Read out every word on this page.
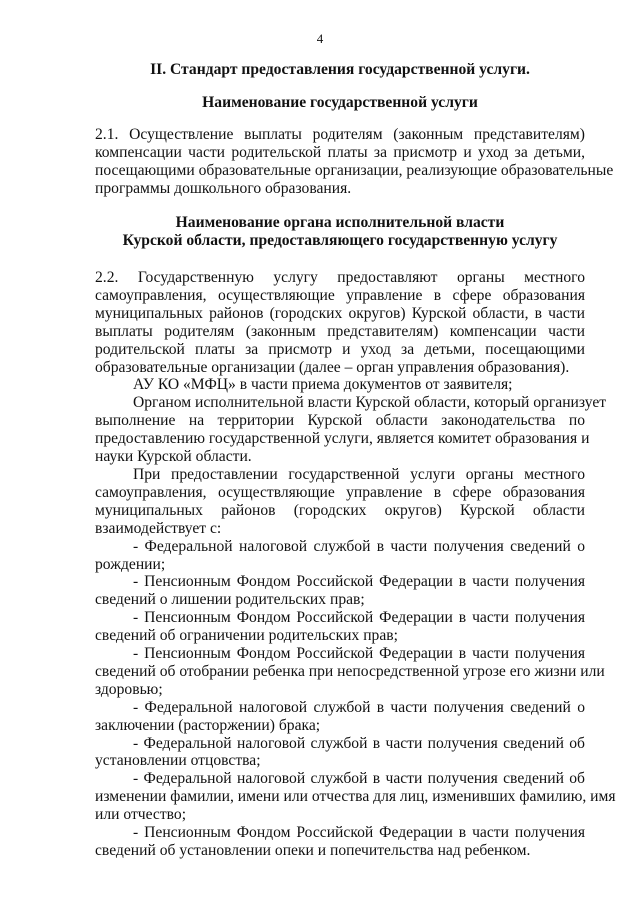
4
II. Стандарт предоставления государственной услуги.
Наименование государственной услуги
2.1. Осуществление выплаты родителям (законным представителям)
компенсации части родительской платы за присмотр и уход за детьми,
посещающими образовательные организации, реализующие образовательные
программы дошкольного образования.
Наименование органа исполнительной власти
Курской области, предоставляющего государственную услугу
2.2. Государственную услугу предоставляют органы местного
самоуправления, осуществляющие управление в сфере образования
муниципальных районов (городских округов) Курской области, в части
выплаты родителям (законным представителям) компенсации части
родительской платы за присмотр и уход за детьми, посещающими
образовательные организации (далее – орган управления образования).
АУ КО «МФЦ» в части приема документов от заявителя;
Органом исполнительной власти Курской области, который организует
выполнение на территории Курской области законодательства по
предоставлению государственной услуги, является комитет образования и
науки Курской области.
При предоставлении государственной услуги органы местного
самоуправления, осуществляющие управление в сфере образования
муниципальных районов (городских округов) Курской области
взаимодействует с:
- Федеральной налоговой службой в части получения сведений о
рождении;
- Пенсионным Фондом Российской Федерации в части получения
сведений о лишении родительских прав;
- Пенсионным Фондом Российской Федерации в части получения
сведений об ограничении родительских прав;
- Пенсионным Фондом Российской Федерации в части получения
сведений об отобрании ребенка при непосредственной угрозе его жизни или
здоровью;
- Федеральной налоговой службой в части получения сведений о
заключении (расторжении) брака;
- Федеральной налоговой службой в части получения сведений об
установлении отцовства;
- Федеральной налоговой службой в части получения сведений об
изменении фамилии, имени или отчества для лиц, изменивших фамилию, имя
или отчество;
- Пенсионным Фондом Российской Федерации в части получения
сведений об установлении опеки и попечительства над ребенком.
